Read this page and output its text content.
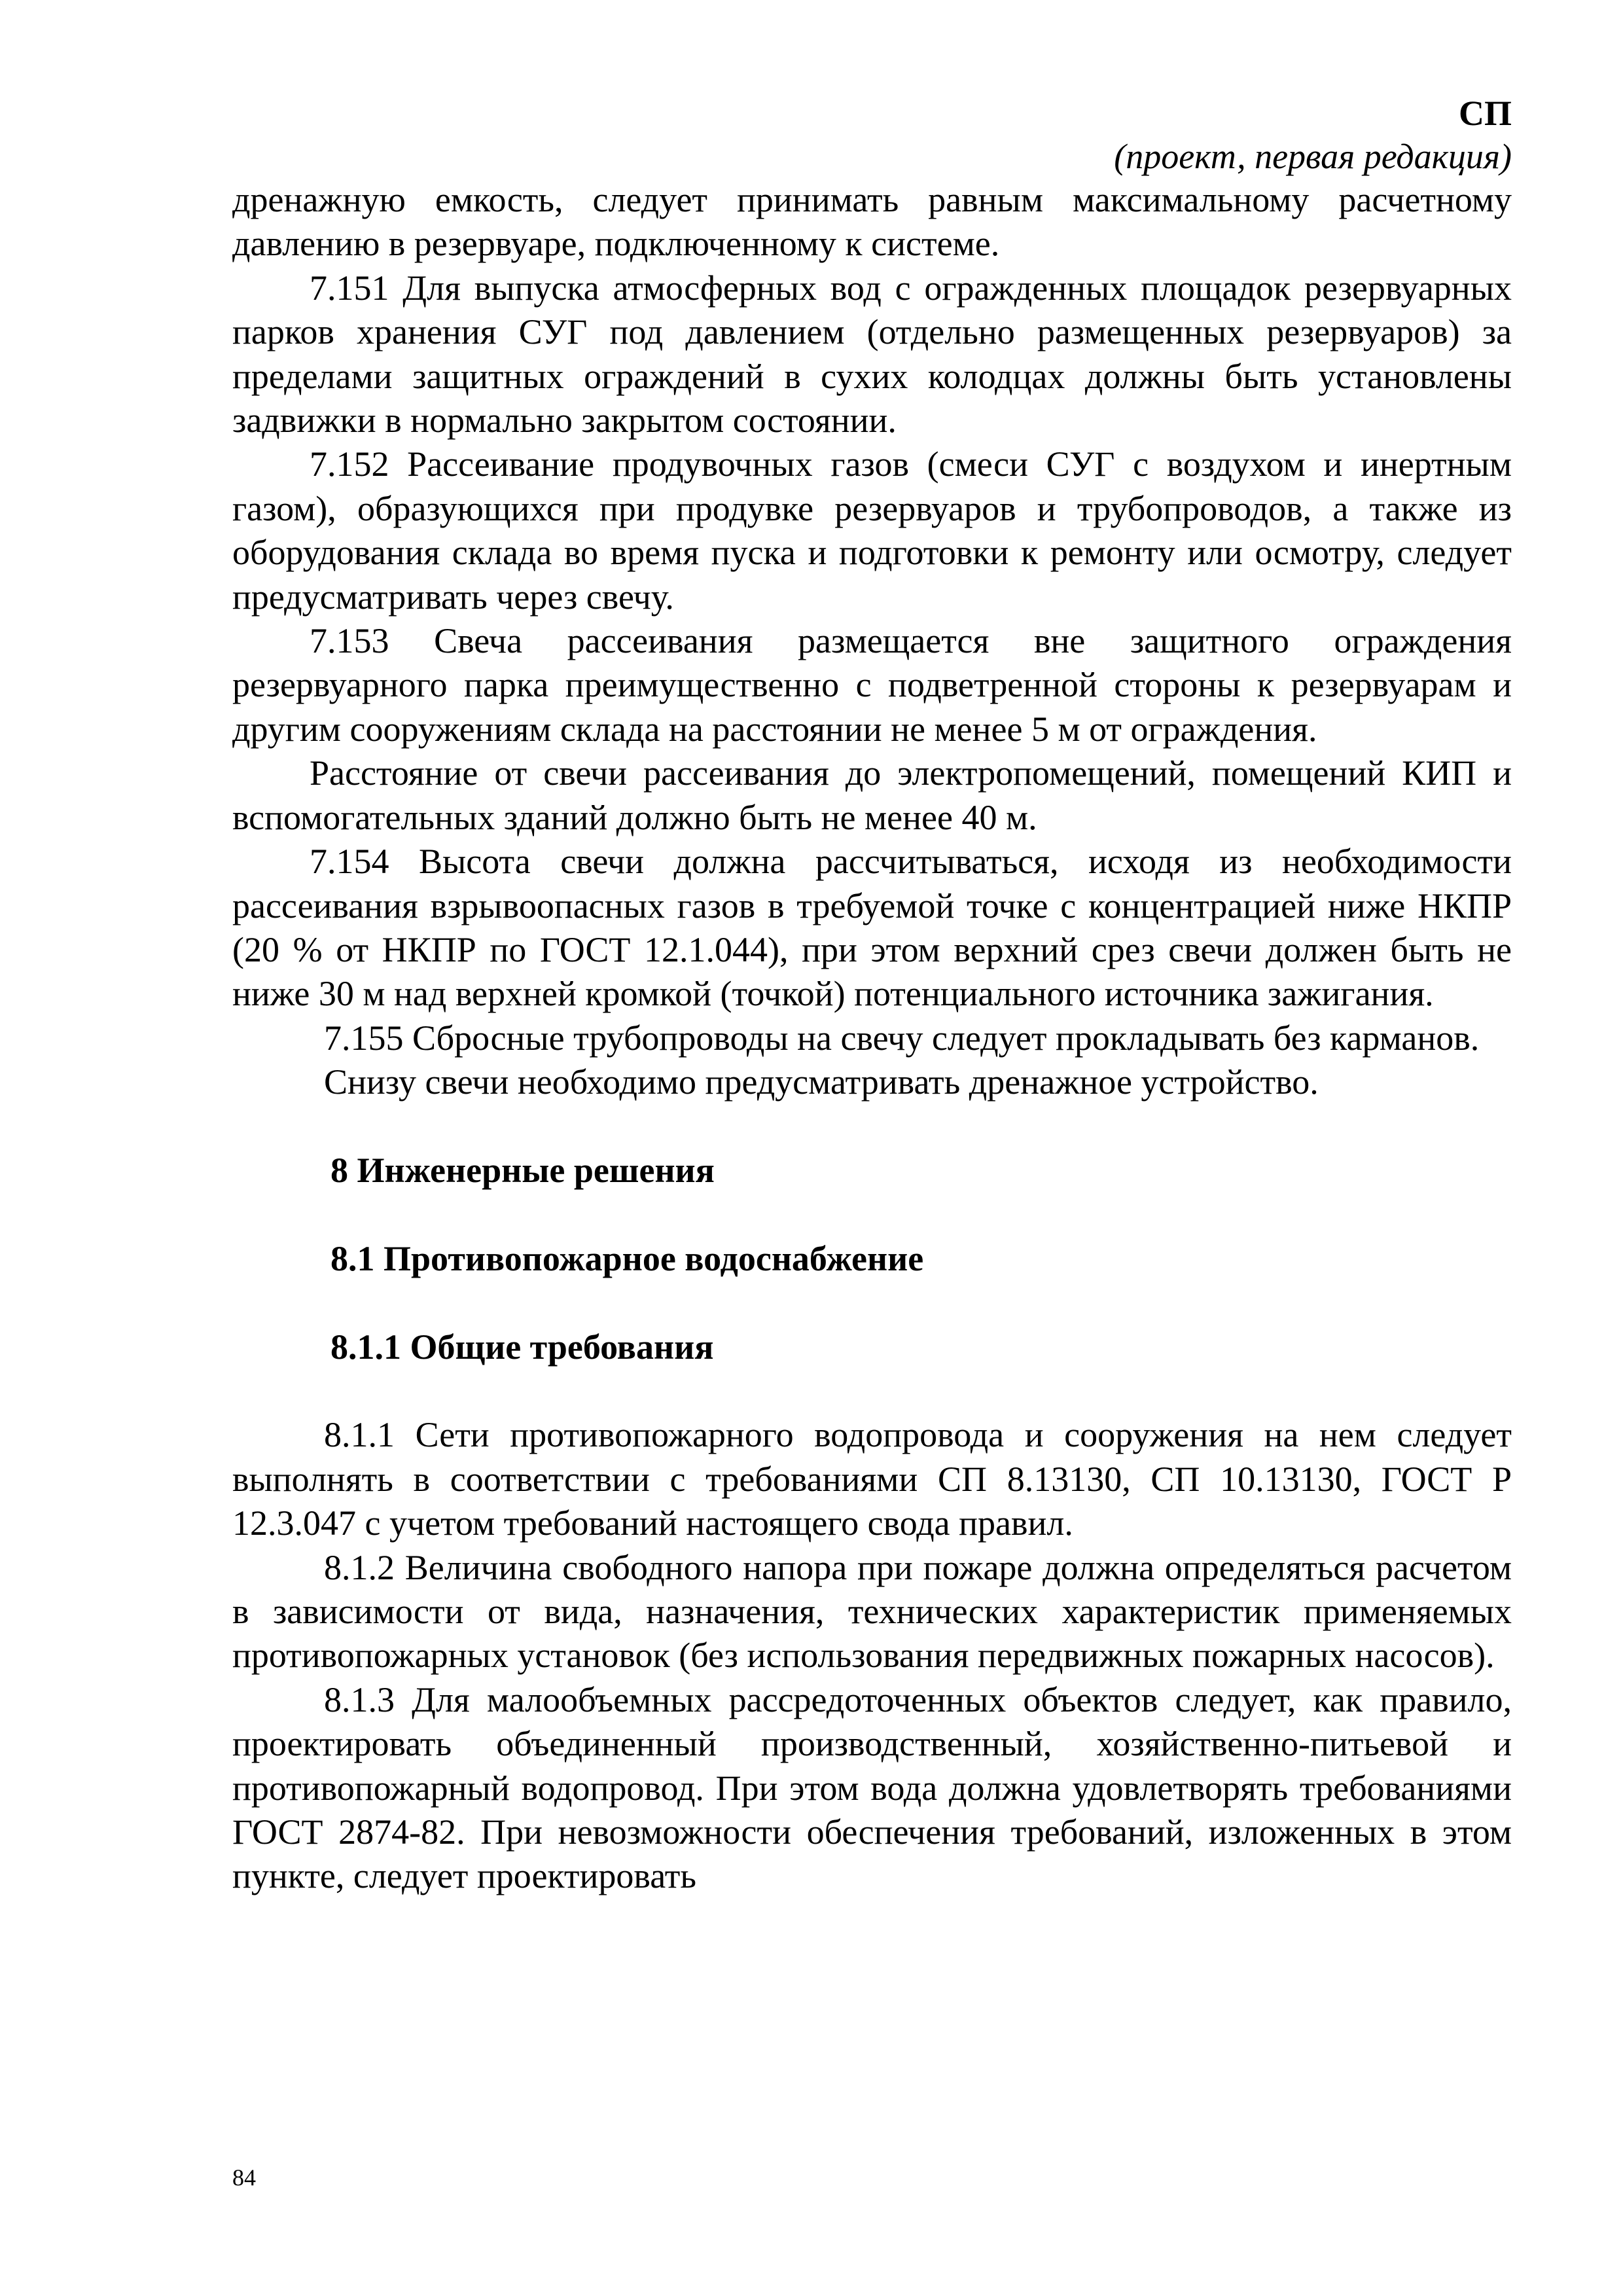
СП
(проект, первая редакция)

дренажную емкость, следует принимать равным максимальному расчетному давлению в резервуаре, подключенному к системе.

7.151 Для выпуска атмосферных вод с огражденных площадок резервуарных парков хранения СУГ под давлением (отдельно размещенных резервуаров) за пределами защитных ограждений в сухих колодцах должны быть установлены задвижки в нормально закрытом состоянии.

7.152 Рассеивание продувочных газов (смеси СУГ с воздухом и инертным газом), образующихся при продувке резервуаров и трубопроводов, а также из оборудования склада во время пуска и подготовки к ремонту или осмотру, следует предусматривать через свечу.

7.153 Свеча рассеивания размещается вне защитного ограждения резервуарного парка преимущественно с подветренной стороны к резервуарам и другим сооружениям склада на расстоянии не менее 5 м от ограждения.

Расстояние от свечи рассеивания до электропомещений, помещений КИП и вспомогательных зданий должно быть не менее 40 м.

7.154 Высота свечи должна рассчитываться, исходя из необходимости рассеивания взрывоопасных газов в требуемой точке с концентрацией ниже НКПР (20 % от НКПР по ГОСТ 12.1.044), при этом верхний срез свечи должен быть не ниже 30 м над верхней кромкой (точкой) потенциального источника зажигания.

7.155 Сбросные трубопроводы на свечу следует прокладывать без карманов.

Снизу свечи необходимо предусматривать дренажное устройство.

8 Инженерные решения

8.1 Противопожарное водоснабжение

8.1.1 Общие требования

8.1.1 Сети противопожарного водопровода и сооружения на нем следует выполнять в соответствии с требованиями СП 8.13130, СП 10.13130, ГОСТ Р 12.3.047 с учетом требований настоящего свода правил.

8.1.2 Величина свободного напора при пожаре должна определяться расчетом в зависимости от вида, назначения, технических характеристик применяемых противопожарных установок (без использования передвижных пожарных насосов).

8.1.3 Для малообъемных рассредоточенных объектов следует, как правило, проектировать объединенный производственный, хозяйственно-питьевой и противопожарный водопровод. При этом вода должна удовлетворять требованиями ГОСТ 2874-82. При невозможности обеспечения требований, изложенных в этом пункте, следует проектировать

84
